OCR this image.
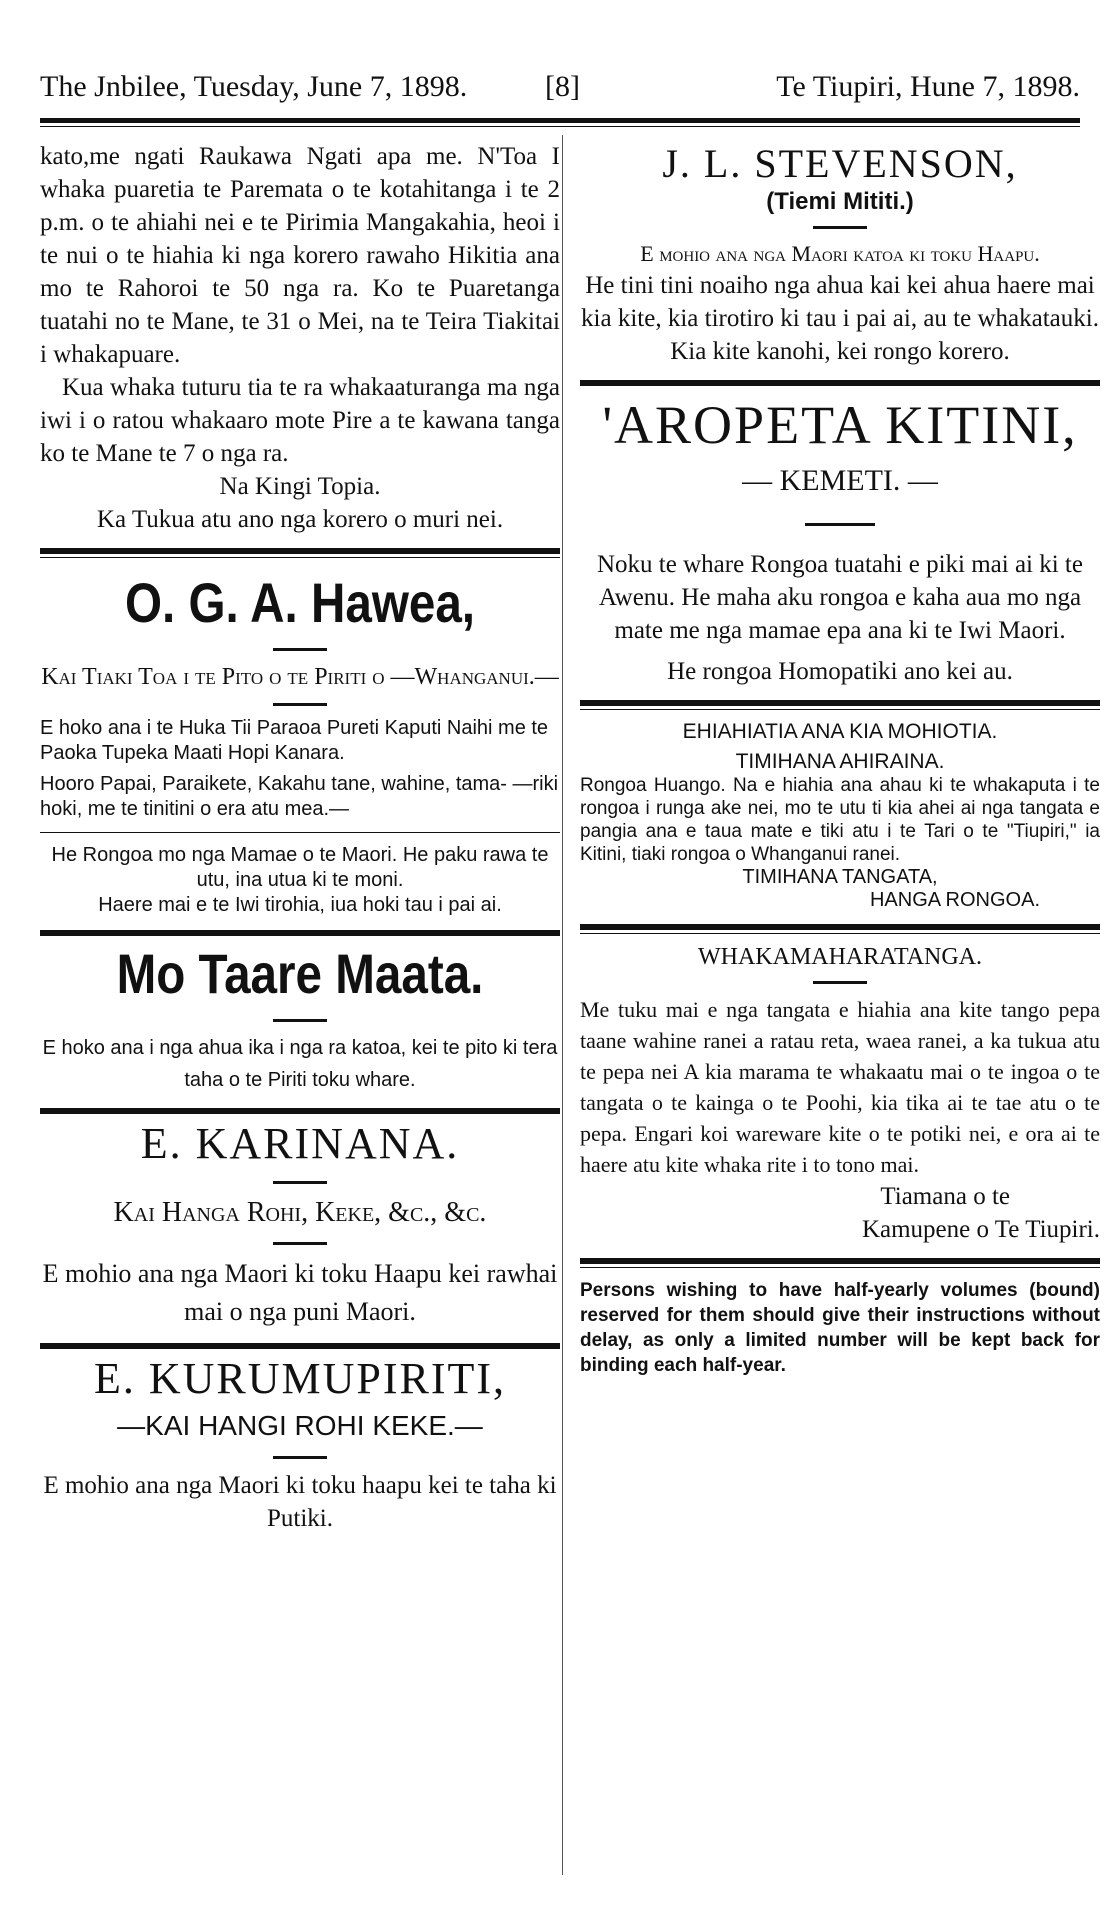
The Jnbilee, Tuesday, June 7, 1898.	[8]	Te Tiupiri, Hune 7, 1898.

kato,me ngati Raukawa Ngati apa me. N'Toa I whaka puaretia te Paremata o te kotahitanga i te 2 p.m. o te ahiahi nei e te Pirimia Mangakahia, heoi i te nui o te hiahia ki nga korero rawaho Hikitia ana mo te Rahoroi te 50 nga ra. Ko te Puaretanga tuatahi no te Mane, te 31 o Mei, na te Teira Tiakitai i whakapuare.

Kua whaka tuturu tia te ra whakaaturanga ma nga iwi i o ratou whakaaro mote Pire a te kawana tanga ko te Mane te 7 o nga ra.

Na Kingi Topia.

Ka Tukua atu ano nga korero o muri nei.

O. G. A. Hawea,

Kai Tiaki Toa i te Pito o te Piriti o —Whanganui.—

E hoko ana i te Huka Tii Paraoa Pureti Kaputi Naihi me te Paoka Tupeka Maati Hopi Kanara.

Hooro Papai, Paraikete, Kakahu tane, wahine, tama- —riki hoki, me te tinitini o era atu mea.—

He Rongoa mo nga Mamae o te Maori. He paku rawa te utu, ina utua ki te moni.

Haere mai e te Iwi tirohia, iua hoki tau i pai ai.

Mo Taare Maata.

E hoko ana i nga ahua ika i nga ra katoa, kei te pito ki tera taha o te Piriti toku whare.

E. KARINANA.

Kai Hanga Rohi, Keke, &c., &c.

E mohio ana nga Maori ki toku Haapu kei rawhai mai o nga puni Maori.

E. KURUMUPIRITI,

—KAI HANGI ROHI KEKE.—

E mohio ana nga Maori ki toku haapu kei te taha ki Putiki.

J. L. STEVENSON,

(Tiemi Mititi.)

E mohio ana nga Maori katoa ki toku Haapu.

He tini tini noaiho nga ahua kai kei ahua haere mai kia kite, kia tirotiro ki tau i pai ai, au te whakatauki. Kia kite kanohi, kei rongo korero.

'AROPETA KITINI,

— KEMETI. —

Noku te whare Rongoa tuatahi e piki mai ai ki te Awenu. He maha aku rongoa e kaha aua mo nga mate me nga mamae epa ana ki te Iwi Maori.

He rongoa Homopatiki ano kei au.

EHIAHIATIA ANA KIA MOHIOTIA.

TIMIHANA AHIRAINA.

Rongoa Huango. Na e hiahia ana ahau ki te whakaputa i te rongoa i runga ake nei, mo te utu ti kia ahei ai nga tangata e pangia ana e taua mate e tiki atu i te Tari o te "Tiupiri," ia Kitini, tiaki rongoa o Whanganui ranei.

TIMIHANA TANGATA,

HANGA RONGOA.

WHAKAMAHARATANGA.

Me tuku mai e nga tangata e hiahia ana kite tango pepa taane wahine ranei a ratau reta, waea ranei, a ka tukua atu te pepa nei A kia marama te whakaatu mai o te ingoa o te tangata o te kainga o te Poohi, kia tika ai te tae atu o te pepa. Engari koi wareware kite o te potiki nei, e ora ai te haere atu kite whaka rite i to tono mai.

Tiamana o te

Kamupene o Te Tiupiri.

Persons wishing to have half-yearly volumes (bound) reserved for them should give their instructions without delay, as only a limited number will be kept back for binding each half-year.
